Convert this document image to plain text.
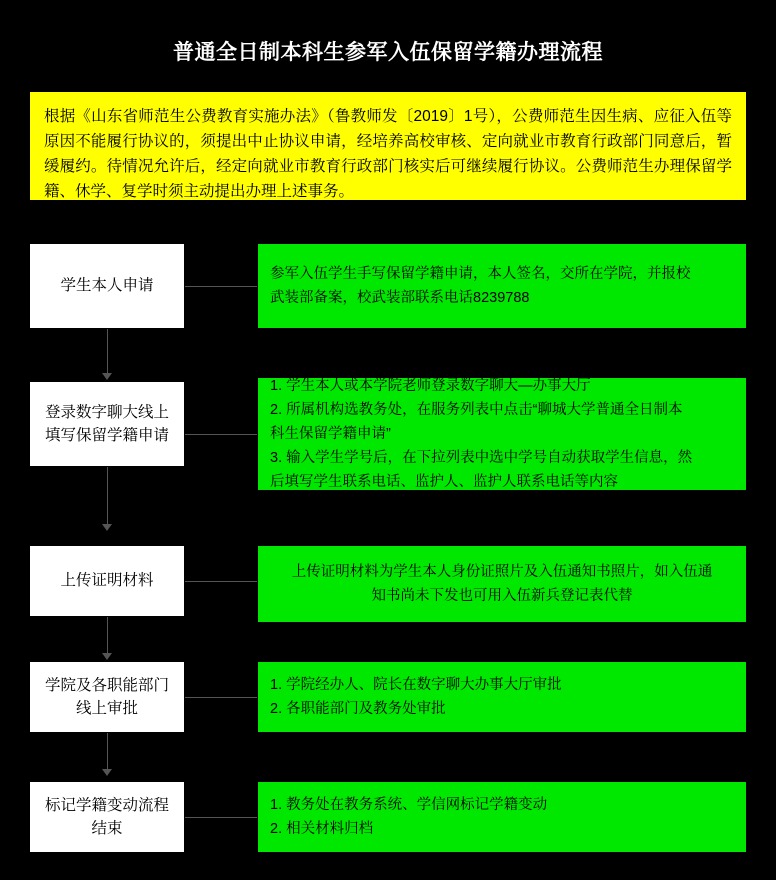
普通全日制本科生参军入伍保留学籍办理流程
根据《山东省师范生公费教育实施办法》（鲁教师发〔2019〕1号），公费师范生因生病、应征入伍等原因不能履行协议的，须提出中止协议申请，经培养高校审核、定向就业市教育行政部门同意后，暂缓履约。待情况允许后，经定向就业市教育行政部门核实后可继续履行协议。公费师范生办理保留学籍、休学、复学时须主动提出办理上述事务。
学生本人申请
参军入伍学生手写保留学籍申请，本人签名，交所在学院，并报校
武装部备案，校武装部联系电话8239788
登录数字聊大线上填写保留学籍申请
1. 学生本人或本学院老师登录数字聊大—办事大厅
2. 所属机构选教务处，在服务列表中点击“聊城大学普通全日制本
科生保留学籍申请”
3. 输入学生学号后，在下拉列表中选中学号自动获取学生信息，然
后填写学生联系电话、监护人、监护人联系电话等内容
上传证明材料
上传证明材料为学生本人身份证照片及入伍通知书照片，如入伍通
知书尚未下发也可用入伍新兵登记表代替
学院及各职能部门线上审批
1. 学院经办人、院长在数字聊大办事大厅审批
2. 各职能部门及教务处审批
标记学籍变动流程结束
1. 教务处在教务系统、学信网标记学籍变动
2. 相关材料归档
